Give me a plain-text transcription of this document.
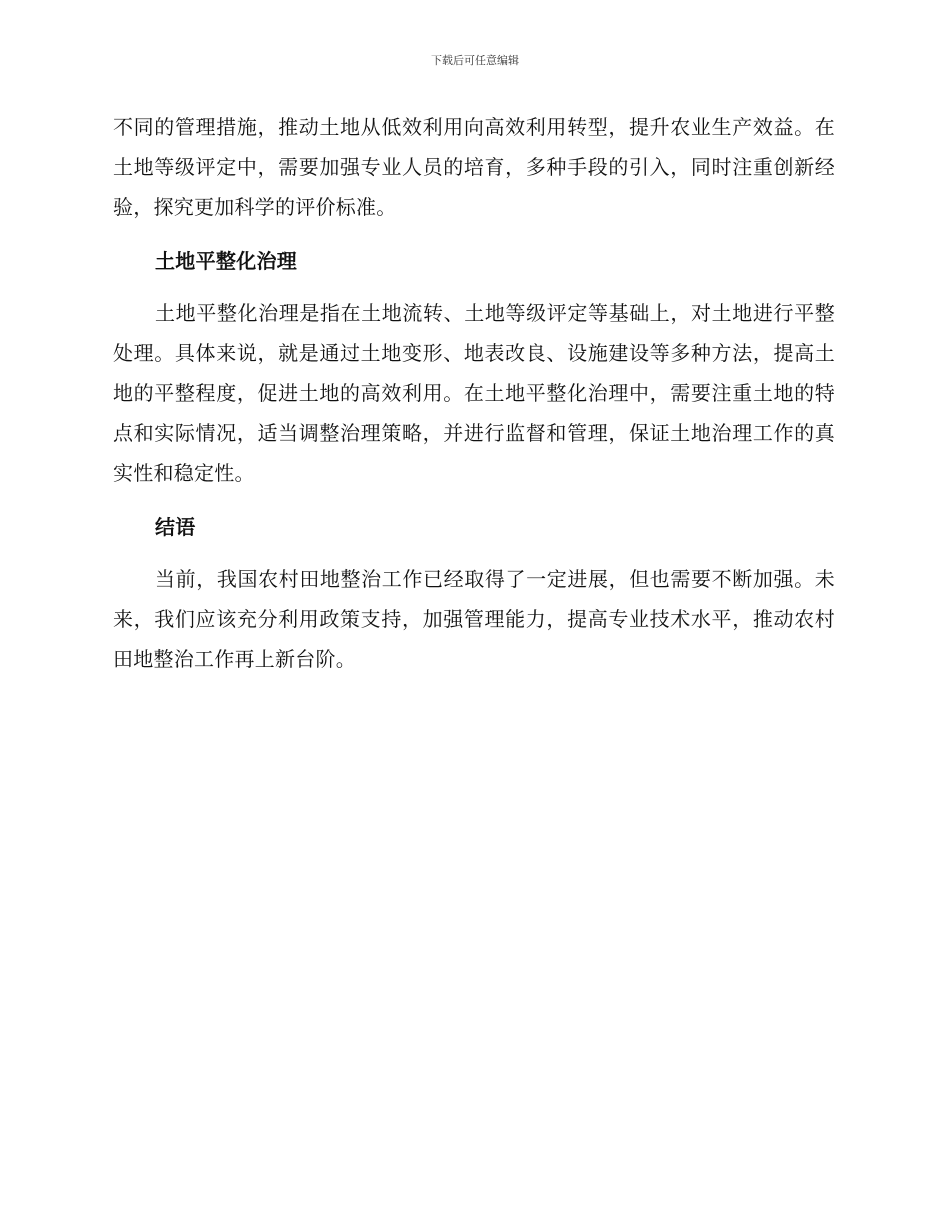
下载后可任意编辑

不同的管理措施，推动土地从低效利用向高效利用转型，提升农业生产效益。在土地等级评定中，需要加强专业人员的培育，多种手段的引入，同时注重创新经验，探究更加科学的评价标准。

土地平整化治理

土地平整化治理是指在土地流转、土地等级评定等基础上，对土地进行平整处理。具体来说，就是通过土地变形、地表改良、设施建设等多种方法，提高土地的平整程度，促进土地的高效利用。在土地平整化治理中，需要注重土地的特点和实际情况，适当调整治理策略，并进行监督和管理，保证土地治理工作的真实性和稳定性。

结语

当前，我国农村田地整治工作已经取得了一定进展，但也需要不断加强。未来，我们应该充分利用政策支持，加强管理能力，提高专业技术水平，推动农村田地整治工作再上新台阶。
